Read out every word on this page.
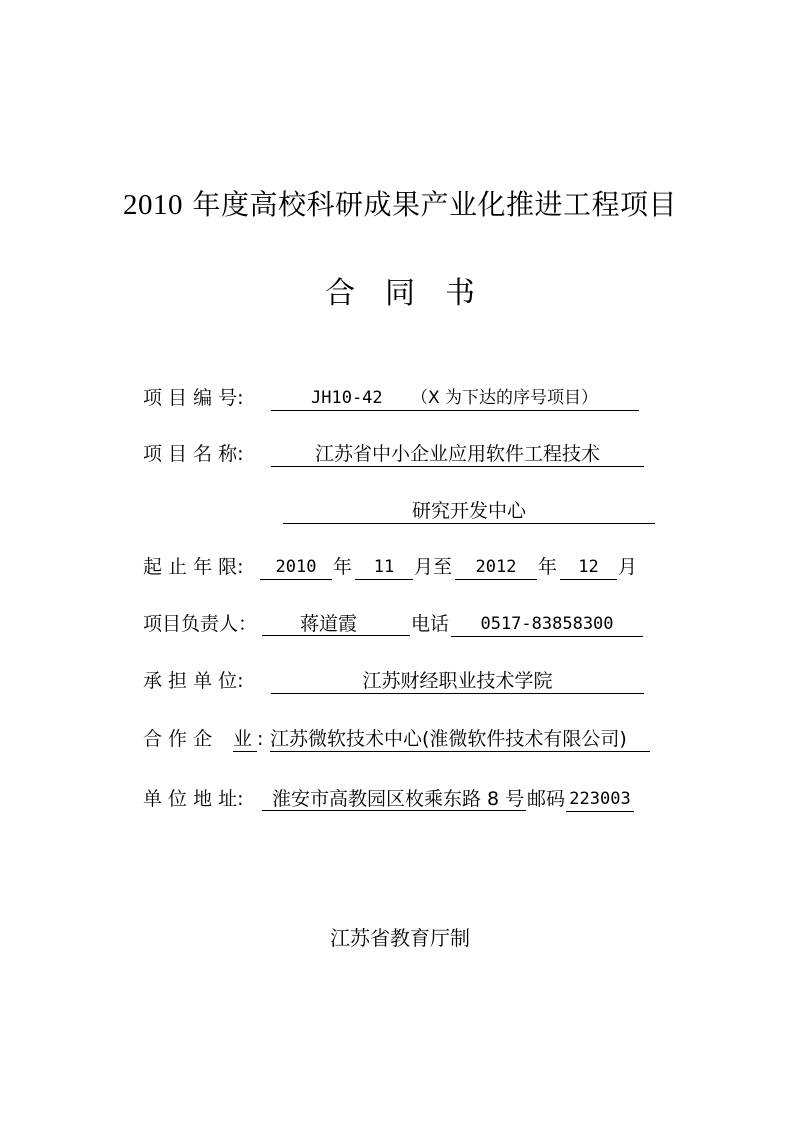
2010 年度高校科研成果产业化推进工程项目
合同书
项 目 编 号:	JH10-42 （X 为下达的序号项目）
项 目 名 称:	江苏省中小企业应用软件工程技术
研究开发中心
起 止 年 限:	2010 年	11	月至	2012	年	12	月
项目负责人：	蒋道霞	电话	0517-83858300
承 担 单 位:	江苏财经职业技术学院
合 作 企 业 : 江苏微软技术中心(淮微软件技术有限公司)
单 位 地 址:	淮安市高教园区枚乘东路 8 号 邮码 223003
江苏省教育厅制
